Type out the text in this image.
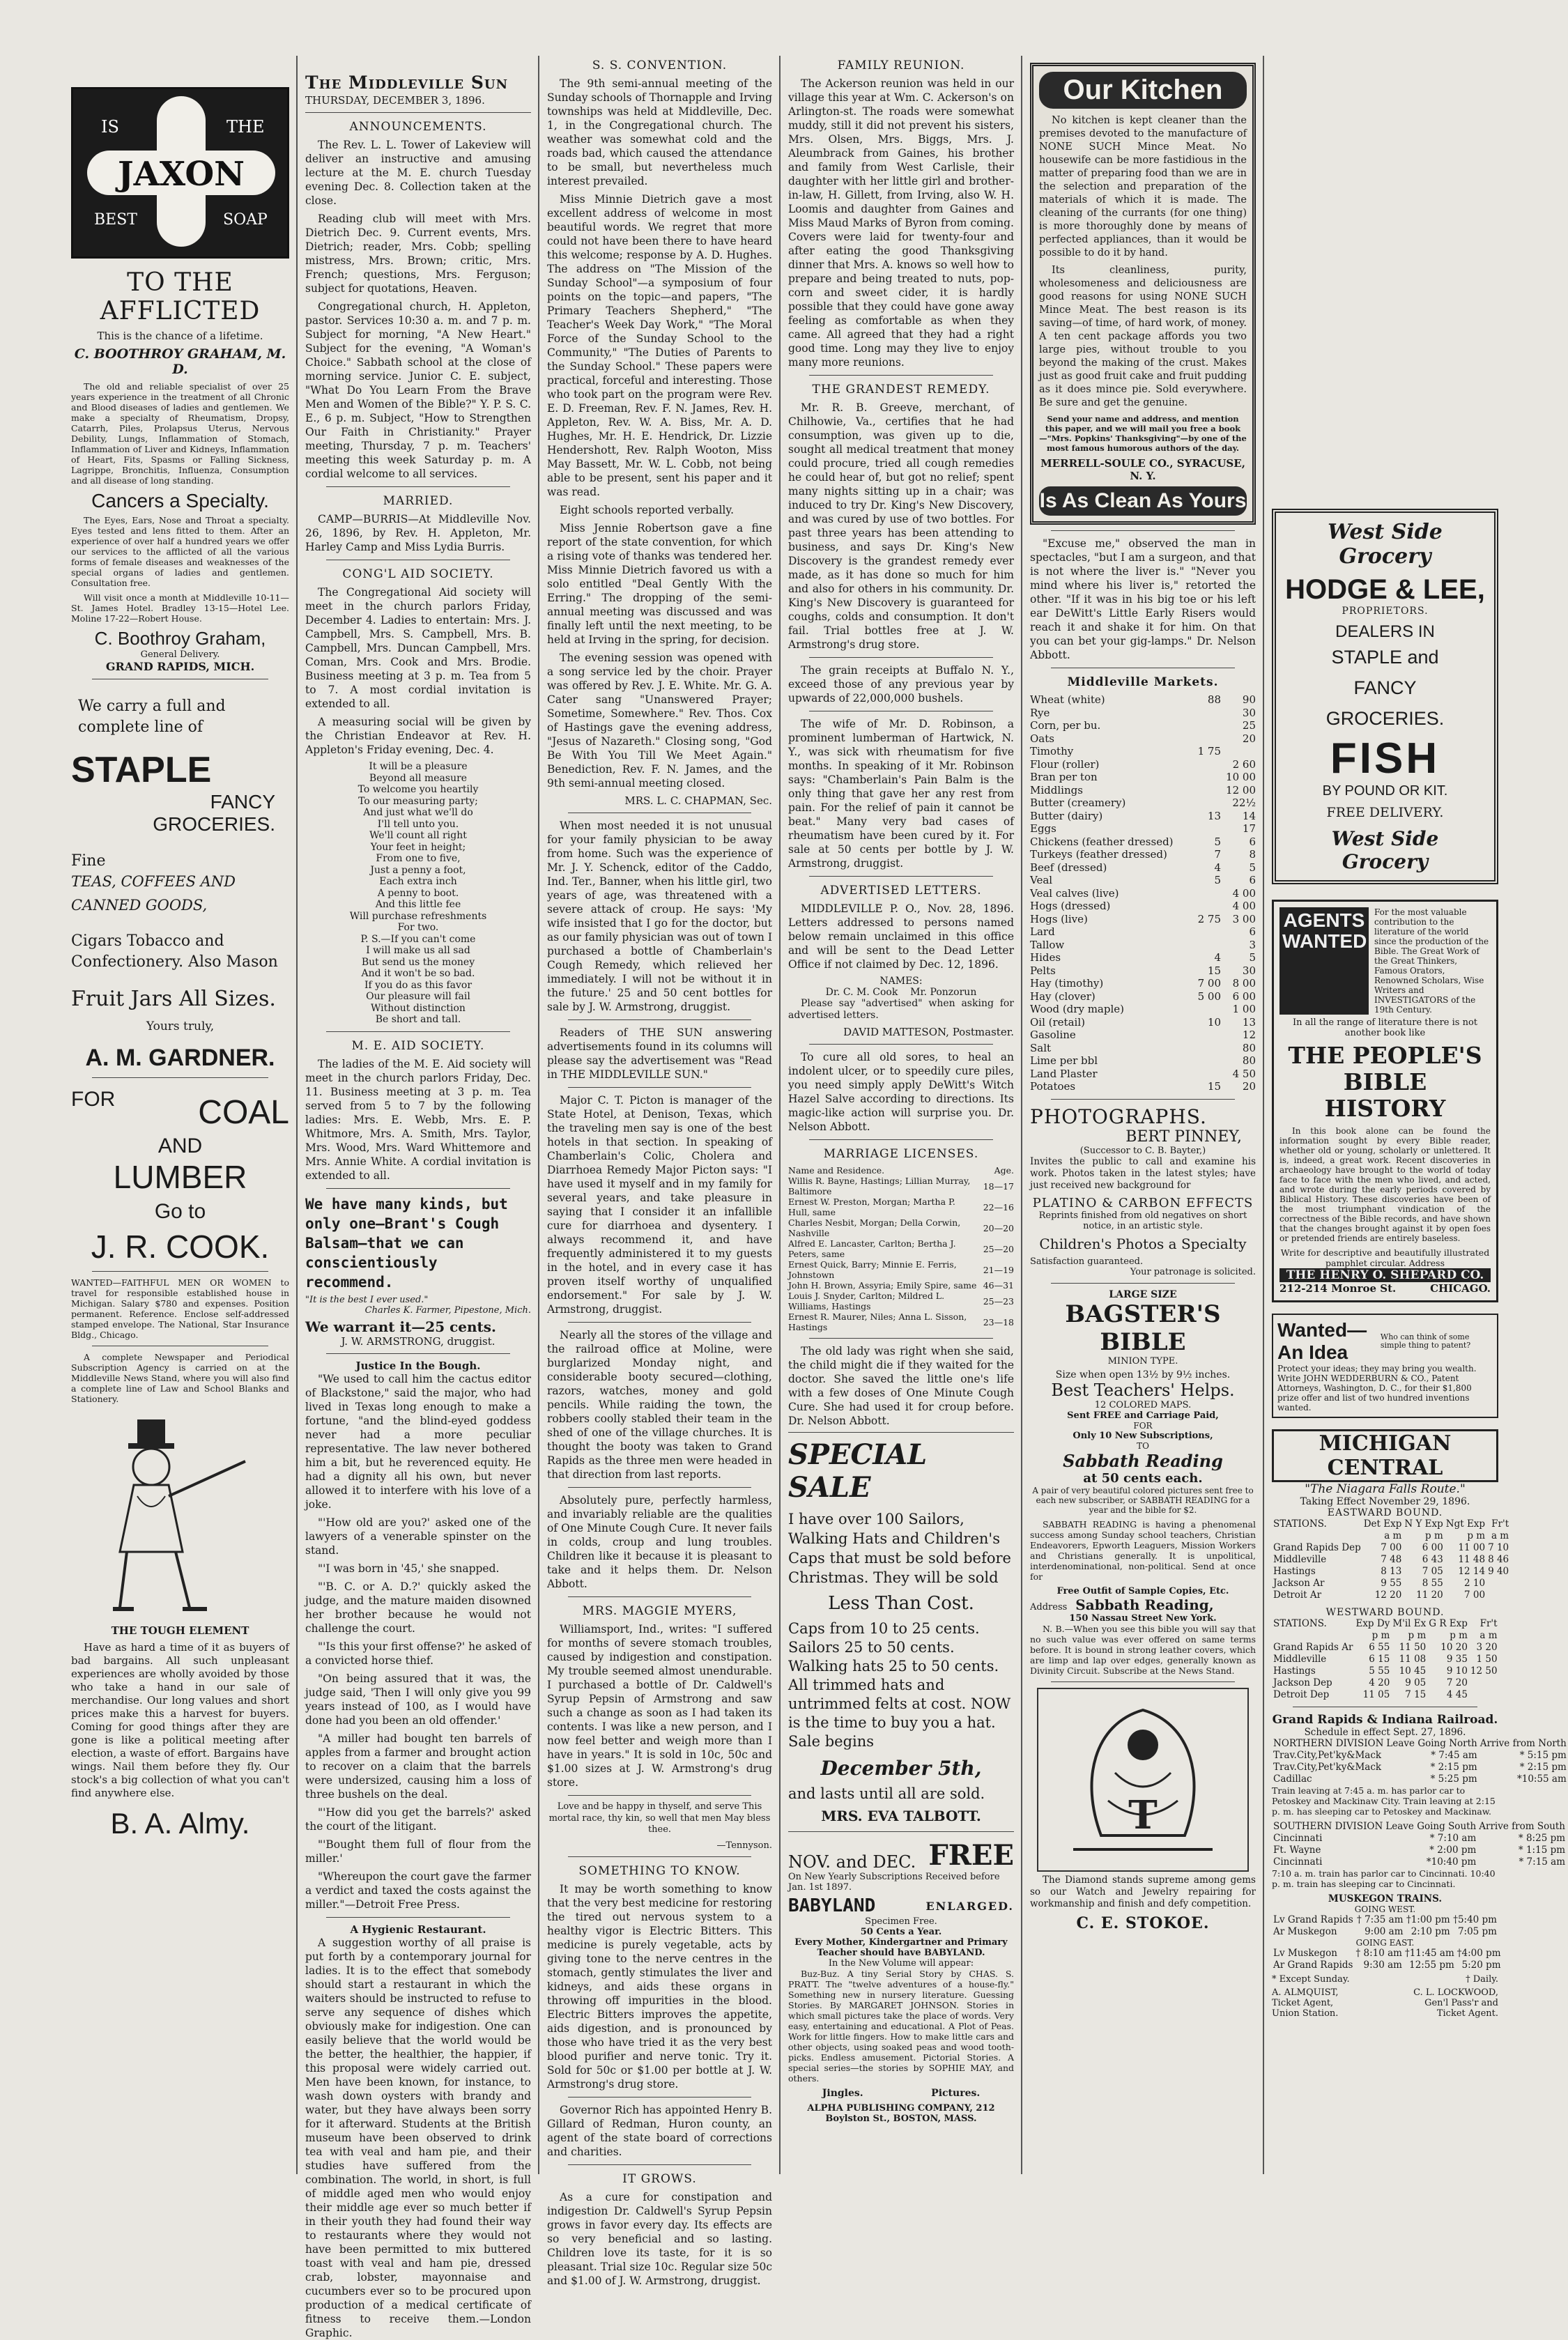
JAXON
IS	THE
BEST	SOAP
TO THE AFFLICTED
This is the chance of a lifetime.
C. BOOTHROY GRAHAM, M. D.

The old and reliable specialist of over 25 years experience in the treatment of all Chronic and Blood diseases of ladies and gentlemen. We make a specialty of Rheumatism, Dropsy, Catarrh, Piles, Prolapsus Uterus, Nervous Debility, Lungs, Inflammation of Stomach, Inflammation of Liver and Kidneys, Inflammation of Heart, Fits, Spasms or Falling Sickness, Lagrippe, Bronchitis, Influenza, Consumption and all disease of long standing.

Cancers a Specialty.

The Eyes, Ears, Nose and Throat a specialty. Eyes tested and lens fitted to them. After an experience of over half a hundred years we offer our services to the afflicted of all the various forms of female diseases and weaknesses of the special organs of ladies and gentlemen. Consultation free.

Will visit once a month at Middleville 10-11—St. James Hotel. Bradley 13-15—Hotel Lee. Moline 17-22—Robert House.

C. Boothroy Graham,
General Delivery.
GRAND RAPIDS, MICH.
We carry a full and complete line of
STAPLE
FANCY
GROCERIES.
Fine
TEAS, COFFEES AND CANNED GOODS,
Cigars Tobacco and Confectionery. Also Mason
Fruit Jars All Sizes.
Yours truly,
A. M. GARDNER.
FOR	COAL
AND
LUMBER
Go to
J. R. COOK.

WANTED—FAITHFUL MEN OR WOMEN to travel for responsible established house in Michigan. Salary $780 and expenses. Position permanent. Reference. Enclose self-addressed stamped envelope. The National, Star Insurance Bldg., Chicago.

A complete Newspaper and Periodical Subscription Agency is carried on at the Middleville News Stand, where you will also find a complete line of Law and School Blanks and Stationery.

THE TOUGH ELEMENT

Have as hard a time of it as buyers of bad bargains. All such unpleasant experiences are wholly avoided by those who take a hand in our sale of merchandise. Our long values and short prices make this a harvest for buyers. Coming for good things after they are gone is like a political meeting after election, a waste of effort. Bargains have wings. Nail them before they fly. Our stock's a big collection of what you can't find anywhere else.

B. A. Almy.
The Middleville Sun
THURSDAY, DECEMBER 3, 1896.
ANNOUNCEMENTS.

The Rev. L. L. Tower of Lakeview will deliver an instructive and amusing lecture at the M. E. church Tuesday evening Dec. 8. Collection taken at the close.

Reading club will meet with Mrs. Dietrich Dec. 9. Current events, Mrs. Dietrich; reader, Mrs. Cobb; spelling mistress, Mrs. Brown; critic, Mrs. French; questions, Mrs. Ferguson; subject for quotations, Heaven.

Congregational church, H. Appleton, pastor. Services 10:30 a. m. and 7 p. m. Subject for morning, "A New Heart." Subject for the evening, "A Woman's Choice." Sabbath school at the close of morning service. Junior C. E. subject, "What Do You Learn From the Brave Men and Women of the Bible?" Y. P. S. C. E., 6 p. m. Subject, "How to Strengthen Our Faith in Christianity." Prayer meeting, Thursday, 7 p. m. Teachers' meeting this week Saturday p. m. A cordial welcome to all services.

MARRIED.

CAMP—BURRIS—At Middleville Nov. 26, 1896, by Rev. H. Appleton, Mr. Harley Camp and Miss Lydia Burris.

CONG'L AID SOCIETY.

The Congregational Aid society will meet in the church parlors Friday, December 4. Ladies to entertain: Mrs. J. Campbell, Mrs. S. Campbell, Mrs. B. Campbell, Mrs. Duncan Campbell, Mrs. Coman, Mrs. Cook and Mrs. Brodie. Business meeting at 3 p. m. Tea from 5 to 7. A most cordial invitation is extended to all.

A measuring social will be given by the Christian Endeavor at Rev. H. Appleton's Friday evening, Dec. 4.

It will be a pleasure
Beyond all measure
To welcome you heartily
To our measuring party;
And just what we'll do
I'll tell unto you.
We'll count all right
Your feet in height;
From one to five,
Just a penny a foot,
Each extra inch
A penny to boot.
And this little fee
Will purchase refreshments
For two.
P. S.—If you can't come
I will make us all sad
But send us the money
And it won't be so bad.
If you do as this favor
Our pleasure will fail
Without distinction
Be short and tall.
M. E. AID SOCIETY.

The ladies of the M. E. Aid society will meet in the church parlors Friday, Dec. 11. Business meeting at 3 p. m. Tea served from 5 to 7 by the following ladies: Mrs. E. Webb, Mrs. E. P. Whitmore, Mrs. A. Smith, Mrs. Taylor, Mrs. Wood, Mrs. Ward Whittemore and Mrs. Annie White. A cordial invitation is extended to all.

We have many kinds, but only one—Brant's Cough Balsam—that we can conscientiously recommend.
"It is the best I ever used."
Charles K. Farmer, Pipestone, Mich.
We warrant it—25 cents.
J. W. ARMSTRONG, druggist.
Justice In the Bough.

"We used to call him the cactus editor of Blackstone," said the major, who had lived in Texas long enough to make a fortune, "and the blind-eyed goddess never had a more peculiar representative. The law never bothered him a bit, but he reverenced equity. He had a dignity all his own, but never allowed it to interfere with his love of a joke.

"'How old are you?' asked one of the lawyers of a venerable spinster on the stand.

"'I was born in '45,' she snapped.

"'B. C. or A. D.?' quickly asked the judge, and the mature maiden disowned her brother because he would not challenge the court.

"'Is this your first offense?' he asked of a convicted horse thief.

"On being assured that it was, the judge said, 'Then I will only give you 99 years instead of 100, as I would have done had you been an old offender.'

"A miller had bought ten barrels of apples from a farmer and brought action to recover on a claim that the barrels were undersized, causing him a loss of three bushels on the deal.

"'How did you get the barrels?' asked the court of the litigant.

"'Bought them full of flour from the miller.'

"Whereupon the court gave the farmer a verdict and taxed the costs against the miller."—Detroit Free Press.

A Hygienic Restaurant.

A suggestion worthy of all praise is put forth by a contemporary journal for ladies. It is to the effect that somebody should start a restaurant in which the waiters should be instructed to refuse to serve any sequence of dishes which obviously make for indigestion. One can easily believe that the world would be the better, the healthier, the happier, if this proposal were widely carried out. Men have been known, for instance, to wash down oysters with brandy and water, but they have always been sorry for it afterward. Students at the British museum have been observed to drink tea with veal and ham pie, and their studies have suffered from the combination. The world, in short, is full of middle aged men who would enjoy their middle age ever so much better if in their youth they had found their way to restaurants where they would not have been permitted to mix buttered toast with veal and ham pie, dressed crab, lobster, mayonnaise and cucumbers ever so to be procured upon production of a medical certificate of fitness to receive them.—London Graphic.

S. S. CONVENTION.

The 9th semi-annual meeting of the Sunday schools of Thornapple and Irving townships was held at Middleville, Dec. 1, in the Congregational church. The weather was somewhat cold and the roads bad, which caused the attendance to be small, but nevertheless much interest prevailed.

Miss Minnie Dietrich gave a most excellent address of welcome in most beautiful words. We regret that more could not have been there to have heard this welcome; response by A. D. Hughes. The address on "The Mission of the Sunday School"—a symposium of four points on the topic—and papers, "The Primary Teachers Shepherd," "The Teacher's Week Day Work," "The Moral Force of the Sunday School to the Community," "The Duties of Parents to the Sunday School." These papers were practical, forceful and interesting. Those who took part on the program were Rev. E. D. Freeman, Rev. F. N. James, Rev. H. Appleton, Rev. W. A. Biss, Mr. A. D. Hughes, Mr. H. E. Hendrick, Dr. Lizzie Hendershott, Rev. Ralph Wooton, Miss May Bassett, Mr. W. L. Cobb, not being able to be present, sent his paper and it was read.

Eight schools reported verbally.

Miss Jennie Robertson gave a fine report of the state convention, for which a rising vote of thanks was tendered her. Miss Minnie Dietrich favored us with a solo entitled "Deal Gently With the Erring." The dropping of the semi-annual meeting was discussed and was finally left until the next meeting, to be held at Irving in the spring, for decision.

The evening session was opened with a song service led by the choir. Prayer was offered by Rev. J. E. White. Mr. G. A. Cater sang "Unanswered Prayer; Sometime, Somewhere." Rev. Thos. Cox of Hastings gave the evening address, "Jesus of Nazareth." Closing song, "God Be With You Till We Meet Again." Benediction, Rev. F. N. James, and the 9th semi-annual meeting closed.

MRS. L. C. CHAPMAN, Sec.

When most needed it is not unusual for your family physician to be away from home. Such was the experience of Mr. J. Y. Schenck, editor of the Caddo, Ind. Ter., Banner, when his little girl, two years of age, was threatened with a severe attack of croup. He says: 'My wife insisted that I go for the doctor, but as our family physician was out of town I purchased a bottle of Chamberlain's Cough Remedy, which relieved her immediately. I will not be without it in the future.' 25 and 50 cent bottles for sale by J. W. Armstrong, druggist.

Readers of THE SUN answering advertisements found in its columns will please say the advertisement was "Read in THE MIDDLEVILLE SUN."

Major C. T. Picton is manager of the State Hotel, at Denison, Texas, which the traveling men say is one of the best hotels in that section. In speaking of Chamberlain's Colic, Cholera and Diarrhoea Remedy Major Picton says: "I have used it myself and in my family for several years, and take pleasure in saying that I consider it an infallible cure for diarrhoea and dysentery. I always recommend it, and have frequently administered it to my guests in the hotel, and in every case it has proven itself worthy of unqualified endorsement." For sale by J. W. Armstrong, druggist.

Nearly all the stores of the village and the railroad office at Moline, were burglarized Monday night, and considerable booty secured—clothing, razors, watches, money and gold pencils. While raiding the town, the robbers coolly stabled their team in the shed of one of the village churches. It is thought the booty was taken to Grand Rapids as the three men were headed in that direction from last reports.

Absolutely pure, perfectly harmless, and invariably reliable are the qualities of One Minute Cough Cure. It never fails in colds, croup and lung troubles. Children like it because it is pleasant to take and it helps them. Dr. Nelson Abbott.

MRS. MAGGIE MYERS,

Williamsport, Ind., writes: "I suffered for months of severe stomach troubles, caused by indigestion and constipation. My trouble seemed almost unendurable. I purchased a bottle of Dr. Caldwell's Syrup Pepsin of Armstrong and saw such a change as soon as I had taken its contents. I was like a new person, and I now feel better and weigh more than I have in years." It is sold in 10c, 50c and $1.00 sizes at J. W. Armstrong's drug store.

Love and be happy in thyself, and serve This mortal race, thy kin, so well that men May bless thee.
—Tennyson.
SOMETHING TO KNOW.

It may be worth something to know that the very best medicine for restoring the tired out nervous system to a healthy vigor is Electric Bitters. This medicine is purely vegetable, acts by giving tone to the nerve centres in the stomach, gently stimulates the liver and kidneys, and aids these organs in throwing off impurities in the blood. Electric Bitters improves the appetite, aids digestion, and is pronounced by those who have tried it as the very best blood purifier and nerve tonic. Try it. Sold for 50c or $1.00 per bottle at J. W. Armstrong's drug store.

Governor Rich has appointed Henry B. Gillard of Redman, Huron county, an agent of the state board of corrections and charities.

IT GROWS.

As a cure for constipation and indigestion Dr. Caldwell's Syrup Pepsin grows in favor every day. Its effects are so very beneficial and so lasting. Children love its taste, for it is so pleasant. Trial size 10c. Regular size 50c and $1.00 of J. W. Armstrong, druggist.

FAMILY REUNION.

The Ackerson reunion was held in our village this year at Wm. C. Ackerson's on Arlington-st. The roads were somewhat muddy, still it did not prevent his sisters, Mrs. Olsen, Mrs. Biggs, Mrs. J. Aleumbrack from Gaines, his brother and family from West Carlisle, their daughter with her little girl and brother-in-law, H. Gillett, from Irving, also W. H. Loomis and daughter from Gaines and Miss Maud Marks of Byron from coming. Covers were laid for twenty-four and after eating the good Thanksgiving dinner that Mrs. A. knows so well how to prepare and being treated to nuts, pop-corn and sweet cider, it is hardly possible that they could have gone away feeling as comfortable as when they came. All agreed that they had a right good time. Long may they live to enjoy many more reunions.

THE GRANDEST REMEDY.

Mr. R. B. Greeve, merchant, of Chilhowie, Va., certifies that he had consumption, was given up to die, sought all medical treatment that money could procure, tried all cough remedies he could hear of, but got no relief; spent many nights sitting up in a chair; was induced to try Dr. King's New Discovery, and was cured by use of two bottles. For past three years has been attending to business, and says Dr. King's New Discovery is the grandest remedy ever made, as it has done so much for him and also for others in his community. Dr. King's New Discovery is guaranteed for coughs, colds and consumption. It don't fail. Trial bottles free at J. W. Armstrong's drug store.

The grain receipts at Buffalo N. Y., exceed those of any previous year by upwards of 22,000,000 bushels.

The wife of Mr. D. Robinson, a prominent lumberman of Hartwick, N. Y., was sick with rheumatism for five months. In speaking of it Mr. Robinson says: "Chamberlain's Pain Balm is the only thing that gave her any rest from pain. For the relief of pain it cannot be beat." Many very bad cases of rheumatism have been cured by it. For sale at 50 cents per bottle by J. W. Armstrong, druggist.

ADVERTISED LETTERS.

MIDDLEVILLE P. O., Nov. 28, 1896. Letters addressed to persons named below remain unclaimed in this office and will be sent to the Dead Letter Office if not claimed by Dec. 12, 1896.

NAMES:
Dr. C. M. Cook    Mr. Ponzorun

Please say "advertised" when asking for advertised letters.

DAVID MATTESON, Postmaster.

To cure all old sores, to heal an indolent ulcer, or to speedily cure piles, you need simply apply DeWitt's Witch Hazel Salve according to directions. Its magic-like action will surprise you. Dr. Nelson Abbott.

MARRIAGE LICENSES.
Name and Residence.	Age.
Willis R. Bayne, Hastings; Lillian Murray, Baltimore	18—17
Ernest W. Preston, Morgan; Martha P. Hull, same	22—16
Charles Nesbit, Morgan; Della Corwin, Nashville	20—20
Alfred E. Lancaster, Carlton; Bertha J. Peters, same	25—20
Ernest Quick, Barry; Minnie E. Ferris, Johnstown	21—19
John H. Brown, Assyria; Emily Spire, same	46—31
Louis J. Snyder, Carlton; Mildred L. Williams, Hastings	25—23
Ernest R. Maurer, Niles; Anna L. Sisson, Hastings	23—18

The old lady was right when she said, the child might die if they waited for the doctor. She saved the little one's life with a few doses of One Minute Cough Cure. She had used it for croup before. Dr. Nelson Abbott.

SPECIAL SALE
I have over 100 Sailors, Walking Hats and Children's Caps that must be sold before Christmas. They will be sold
Less Than Cost.
Caps from 10 to 25 cents. Sailors 25 to 50 cents. Walking hats 25 to 50 cents. All trimmed hats and untrimmed felts at cost. NOW is the time to buy you a hat. Sale begins
December 5th,
and lasts until all are sold.
MRS. EVA TALBOTT.
NOV. and DEC. FREE
On New Yearly Subscriptions Received before Jan. 1st 1897.
BABYLAND	ENLARGED.
Specimen Free.
50 Cents a Year.
Every Mother, Kindergartner and Primary Teacher should have BABYLAND.
In the New Volume will appear:

Buz-Buz. A tiny Serial Story by CHAS. S. PRATT. The "twelve adventures of a house-fly." Something new in nursery literature. Guessing Stories. By MARGARET JOHNSON. Stories in which small pictures take the place of words. Very easy, entertaining and educational. A Plot of Peas. Work for little fingers. How to make little cars and other objects, using soaked peas and wood tooth-picks. Endless amusement. Pictorial Stories. A special series—the stories by SOPHIE MAY, and others.

Jingles.	Pictures.
ALPHA PUBLISHING COMPANY, 212 Boylston St., BOSTON, MASS.
Our Kitchen

No kitchen is kept cleaner than the premises devoted to the manufacture of NONE SUCH Mince Meat. No housewife can be more fastidious in the matter of preparing food than we are in the selection and preparation of the materials of which it is made. The cleaning of the currants (for one thing) is more thoroughly done by means of perfected appliances, than it would be possible to do it by hand.

Its cleanliness, purity, wholesomeness and deliciousness are good reasons for using NONE SUCH Mince Meat. The best reason is its saving—of time, of hard work, of money. A ten cent package affords you two large pies, without trouble to you beyond the making of the crust. Makes just as good fruit cake and fruit pudding as it does mince pie. Sold everywhere. Be sure and get the genuine.

Send your name and address, and mention this paper, and we will mail you free a book—"Mrs. Popkins' Thanksgiving"—by one of the most famous humorous authors of the day.
MERRELL-SOULE CO., SYRACUSE, N. Y.
Is As Clean As Yours

"Excuse me," observed the man in spectacles, "but I am a surgeon, and that is not where the liver is." "Never you mind where his liver is," retorted the other. "If it was in his big toe or his left ear DeWitt's Little Early Risers would reach it and shake it for him. On that you can bet your gig-lamps." Dr. Nelson Abbott.

Middleville Markets.
Wheat (white)	88	90
Rye		30
Corn, per bu.		25
Oats		20
Timothy	1 75	
Flour (roller)		2 60
Bran per ton		10 00
Middlings		12 00
Butter (creamery)		22½
Butter (dairy)	13	14
Eggs		17
Chickens (feather dressed)	5	6
Turkeys (feather dressed)	7	8
Beef (dressed)	4	5
Veal	5	6
Veal calves (live)		4 00
Hogs (dressed)		4 00
Hogs (live)	2 75	3 00
Lard		6
Tallow		3
Hides	4	5
Pelts	15	30
Hay (timothy)	7 00	8 00
Hay (clover)	5 00	6 00
Wood (dry maple)		1 00
Oil (retail)	10	13
Gasoline		12
Salt		80
Lime per bbl		80
Land Plaster		4 50
Potatoes	15	20
PHOTOGRAPHS.
BERT PINNEY,
(Successor to C. B. Bayter,)

Invites the public to call and examine his work. Photos taken in the latest styles; have just received new background for

PLATINO & CARBON EFFECTS
Reprints finished from old negatives on short notice, in an artistic style.
Children's Photos a Specialty
Satisfaction guaranteed.
Your patronage is solicited.
LARGE SIZE
BAGSTER'S BIBLE
MINION TYPE.
Size when open 13½ by 9½ inches.
Best Teachers' Helps.
12 COLORED MAPS.
Sent FREE and Carriage Paid,
FOR
Only 10 New Subscriptions,
TO
Sabbath Reading
at 50 cents each.
A pair of very beautiful colored pictures sent free to each new subscriber, or SABBATH READING for a year and the bible for $2.

SABBATH READING is having a phenomenal success among Sunday school teachers, Christian Endeavorers, Epworth Leaguers, Mission Workers and Christians generally. It is unpolitical, interdenominational, non-political. Send at once for

Free Outfit of Sample Copies, Etc.
Address Sabbath Reading,
150 Nassau Street New York.

N. B.—When you see this bible you will say that no such value was ever offered on same terms before. It is bound in strong leather covers, which are limp and lap over edges, generally known as Divinity Circuit. Subscribe at the News Stand.

T

The Diamond stands supreme among gems so our Watch and Jewelry repairing for workmanship and finish and defy competition.

C. E. STOKOE.
West Side
Grocery
HODGE & LEE,
PROPRIETORS.
DEALERS IN
STAPLE and FANCY GROCERIES.
FISH
BY POUND OR KIT.
FREE DELIVERY.
West Side
Grocery
AGENTS WANTED
For the most valuable contribution to the literature of the world since the production of the Bible. The Great Work of the Great Thinkers, Famous Orators, Renowned Scholars, Wise Writers and INVESTIGATORS of the 19th Century.
In all the range of literature there is not another book like
THE PEOPLE'S BIBLE HISTORY

In this book alone can be found the information sought by every Bible reader, whether old or young, scholarly or unlettered. It is, indeed, a great work. Recent discoveries in archaeology have brought to the world of today face to face with the men who lived, and acted, and wrote during the early periods covered by Biblical History. These discoveries have been of the most triumphant vindication of the correctness of the Bible records, and have shown that the changes brought against it by open foes or pretended friends are entirely baseless.

Write for descriptive and beautifully illustrated pamphlet circular. Address
THE HENRY O. SHEPARD CO.
212-214 Monroe St.	CHICAGO.
Wanted—An Idea
Who can think of some simple thing to patent?
Protect your ideas; they may bring you wealth. Write JOHN WEDDERBURN & CO., Patent Attorneys, Washington, D. C., for their $1,800 prize offer and list of two hundred inventions wanted.
MICHIGAN CENTRAL
"The Niagara Falls Route."
Taking Effect November 29, 1896.
EASTWARD BOUND.
STATIONS.	Det Exp	N Y Exp	Ngt Exp	Fr't
	a m	p m	p m	a m
Grand Rapids Dep	7 00	6 00	11 00	7 10
Middleville	7 48	6 43	11 48	8 46
Hastings	8 13	7 05	12 14	9 40
Jackson Ar	9 55	8 55	2 10	
Detroit Ar	12 20	11 20	7 00	
WESTWARD BOUND.
STATIONS.	Exp Dy	M'il Ex	G R Exp	Fr't
	p m	p m	p m	a m
Grand Rapids Ar	6 55	11 50	10 20	3 20
Middleville	6 15	11 08	9 35	1 50
Hastings	5 55	10 45	9 10	12 50
Jackson Dep	4 20	9 05	7 20	
Detroit Dep	11 05	7 15	4 45	
Grand Rapids & Indiana Railroad.
Schedule in effect Sept. 27, 1896.
NORTHERN DIVISION	Leave Going North	Arrive from North
Trav.City,Pet'ky&Mack	* 7:45 am	* 5:15 pm
Trav.City,Pet'ky&Mack	* 2:15 pm	* 2:15 pm
Cadillac	* 5:25 pm	*10:55 am
Train leaving at 7:45 a. m. has parlor car to Petoskey and Mackinaw City. Train leaving at 2:15 p. m. has sleeping car to Petoskey and Mackinaw.
SOUTHERN DIVISION	Leave Going South	Arrive from South
Cincinnati	* 7:10 am	* 8:25 pm
Ft. Wayne	* 2:00 pm	* 1:15 pm
Cincinnati	*10:40 pm	* 7:15 am
7:10 a. m. train has parlor car to Cincinnati. 10:40 p. m. train has sleeping car to Cincinnati.
MUSKEGON TRAINS.
GOING WEST.
Lv Grand Rapids	† 7:35 am	†1:00 pm	†5:40 pm
Ar Muskegon	9:00 am	2:10 pm	7:05 pm
GOING EAST.
Lv Muskegon	† 8:10 am	†11:45 am	†4:00 pm
Ar Grand Rapids	9:30 am	12:55 pm	5:20 pm
* Except Sunday.	† Daily.
A. ALMQUIST,
Ticket Agent,
Union Station.
C. L. LOCKWOOD,
Gen'l Pass'r and
Ticket Agent.
